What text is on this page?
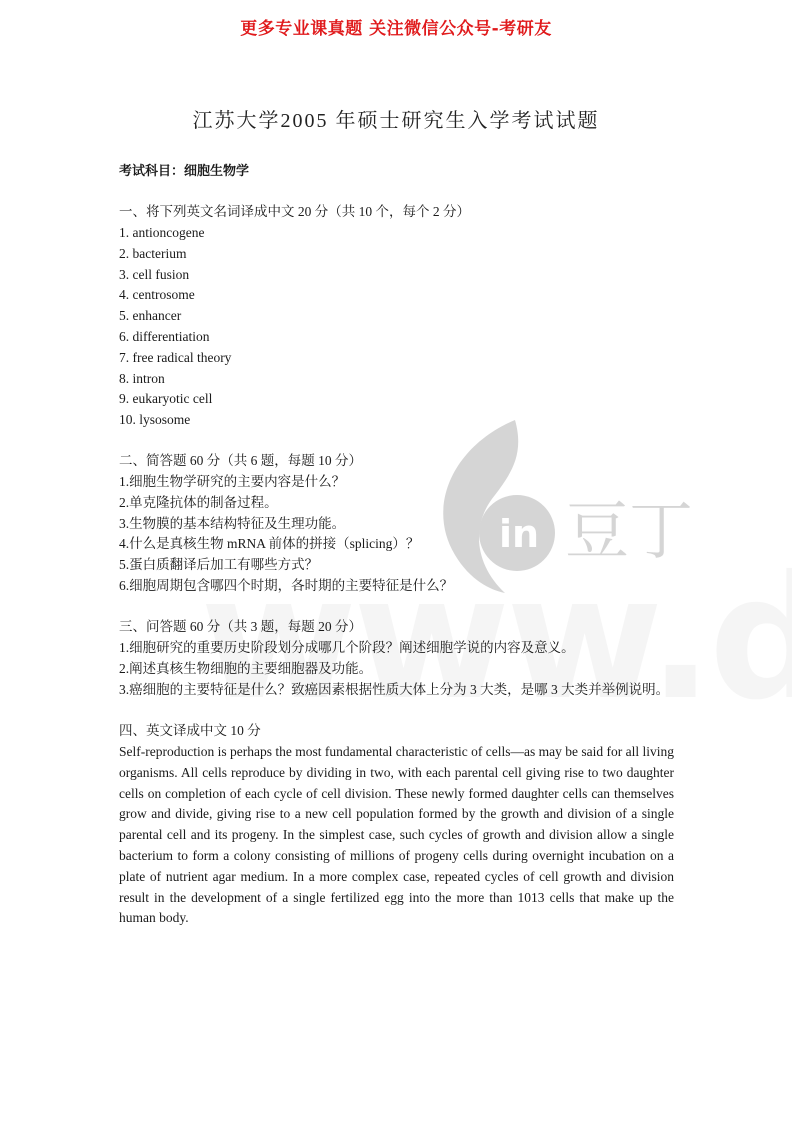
in 豆丁
更多专业课真题 关注微信公众号-考研友
江苏大学2005 年硕士研究生入学考试试题
考试科目：细胞生物学
一、将下列英文名词译成中文 20 分（共 10 个，每个 2 分）
1. antioncogene
2. bacterium
3. cell fusion
4. centrosome
5. enhancer
6. differentiation
7. free radical theory
8. intron
9. eukaryotic cell
10. lysosome
二、简答题 60 分（共 6 题，每题 10 分）
1.细胞生物学研究的主要内容是什么？
2.单克隆抗体的制备过程。
3.生物膜的基本结构特征及生理功能。
4.什么是真核生物 mRNA 前体的拼接（splicing）？
5.蛋白质翻译后加工有哪些方式？
6.细胞周期包含哪四个时期，各时期的主要特征是什么？
三、问答题 60 分（共 3 题，每题 20 分）
1.细胞研究的重要历史阶段划分成哪几个阶段？阐述细胞学说的内容及意义。
2.阐述真核生物细胞的主要细胞器及功能。
3.癌细胞的主要特征是什么？致癌因素根据性质大体上分为 3 大类，是哪 3 大类并举例说明。
四、英文译成中文 10 分
Self-reproduction is perhaps the most fundamental characteristic of cells—as may be said for all living organisms. All cells reproduce by dividing in two, with each parental cell giving rise to two daughter cells on completion of each cycle of cell division. These newly formed daughter cells can themselves grow and divide, giving rise to a new cell population formed by the growth and division of a single parental cell and its progeny. In the simplest case, such cycles of growth and division allow a single bacterium to form a colony consisting of millions of progeny cells during overnight incubation on a plate of nutrient agar medium. In a more complex case, repeated cycles of cell growth and division result in the development of a single fertilized egg into the more than 1013 cells that make up the human body.
